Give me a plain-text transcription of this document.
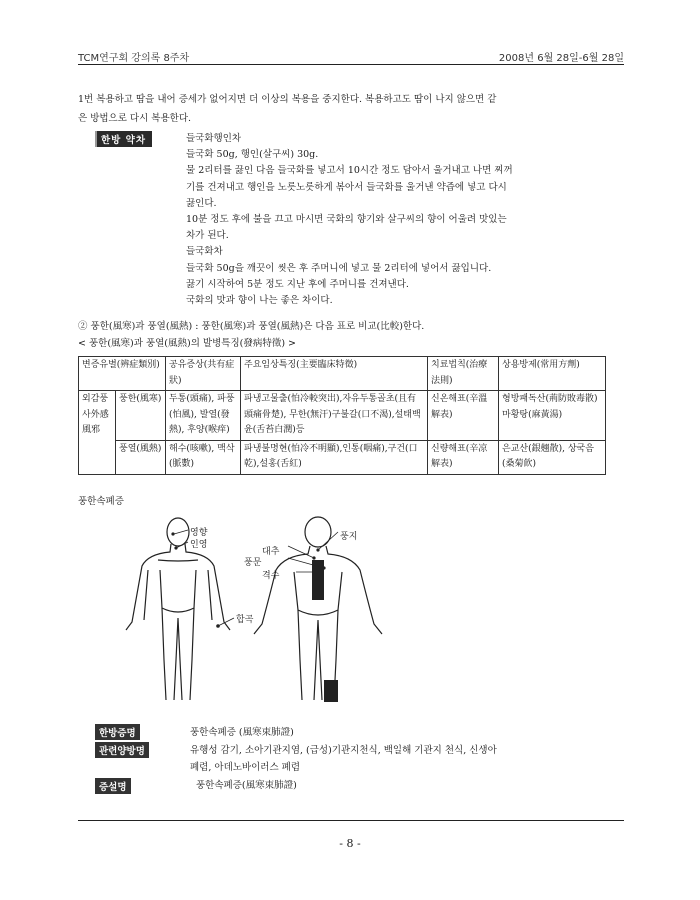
TCM연구회 강의록 8주차	2008년 6월 28일-6월 28일
1번 복용하고 땀을 내어 증세가 없어지면 더 이상의 복용을 중지한다. 복용하고도 땀이 나지 않으면 같
은 방법으로 다시 복용한다.
한방 약차	들국화행인차
들국화 50g, 행인(살구씨) 30g.
물 2리터를 끓인 다음 들국화를 넣고서 10시간 정도 담아서 울거내고 나면 찌꺼
기를 건져내고 행인을 노릇노릇하게 볶아서 들국화를 울거낸 약즙에 넣고 다시
끓인다.
10분 정도 후에 불을 끄고 마시면 국화의 향기와 살구씨의 향이 어울려 맛있는
차가 된다.
들국화차
들국화 50g을 깨끗이 씻은 후 주머니에 넣고 물 2리터에 넣어서 끓입니다.
끓기 시작하여 5분 정도 지난 후에 주머니를 건져낸다.
국화의 맛과 향이 나는 좋은 차이다.
② 풍한(風寒)과 풍열(風熱) : 풍한(風寒)과 풍열(風熱)은 다음 표로 비교(比較)한다.
< 풍한(風寒)과 풍열(風熱)의 발병특징(發病特徵) >
변증유별(辨症類別)		공유증상(共有症狀)	주요임상특징(主要臨床特徵)	치료법칙(治療法則)	상용방제(常用方劑)
외감풍사外感風邪	풍한(風寒)	두통(頭痛), 파풍(怕風), 발열(發熱), 후양(喉痒)	파냉고물출(怕冷較突出),자유두통골초(且有頭痛骨楚), 무한(無汗)구불갈(口不渴),설태백윤(舌苔白潤)등	신온해표(辛溫解表)	형방패독산(荊防敗毒散) 마황탕(麻黃湯)
	풍열(風熱)	해수(咳嗽), 맥삭(脈數)	파냉불명현(怕冷不明顯),인통(咽痛),구건(口乾),설홍(舌紅)	신량해표(辛凉解表)	은교산(銀翹散), 상국음(桑菊飮)
풍한속폐증
영향
인영
합곡
풍지
대추
풍문
격수
한방증명	풍한속폐증 (風寒束肺證)
관련양방명	유행성 감기, 소아기관지염, (급성)기관지천식, 백일해 기관지 천식, 신생아
폐렴, 아데노바이러스 폐렴
증설명	풍한속폐증(風寒束肺證)
- 8 -
